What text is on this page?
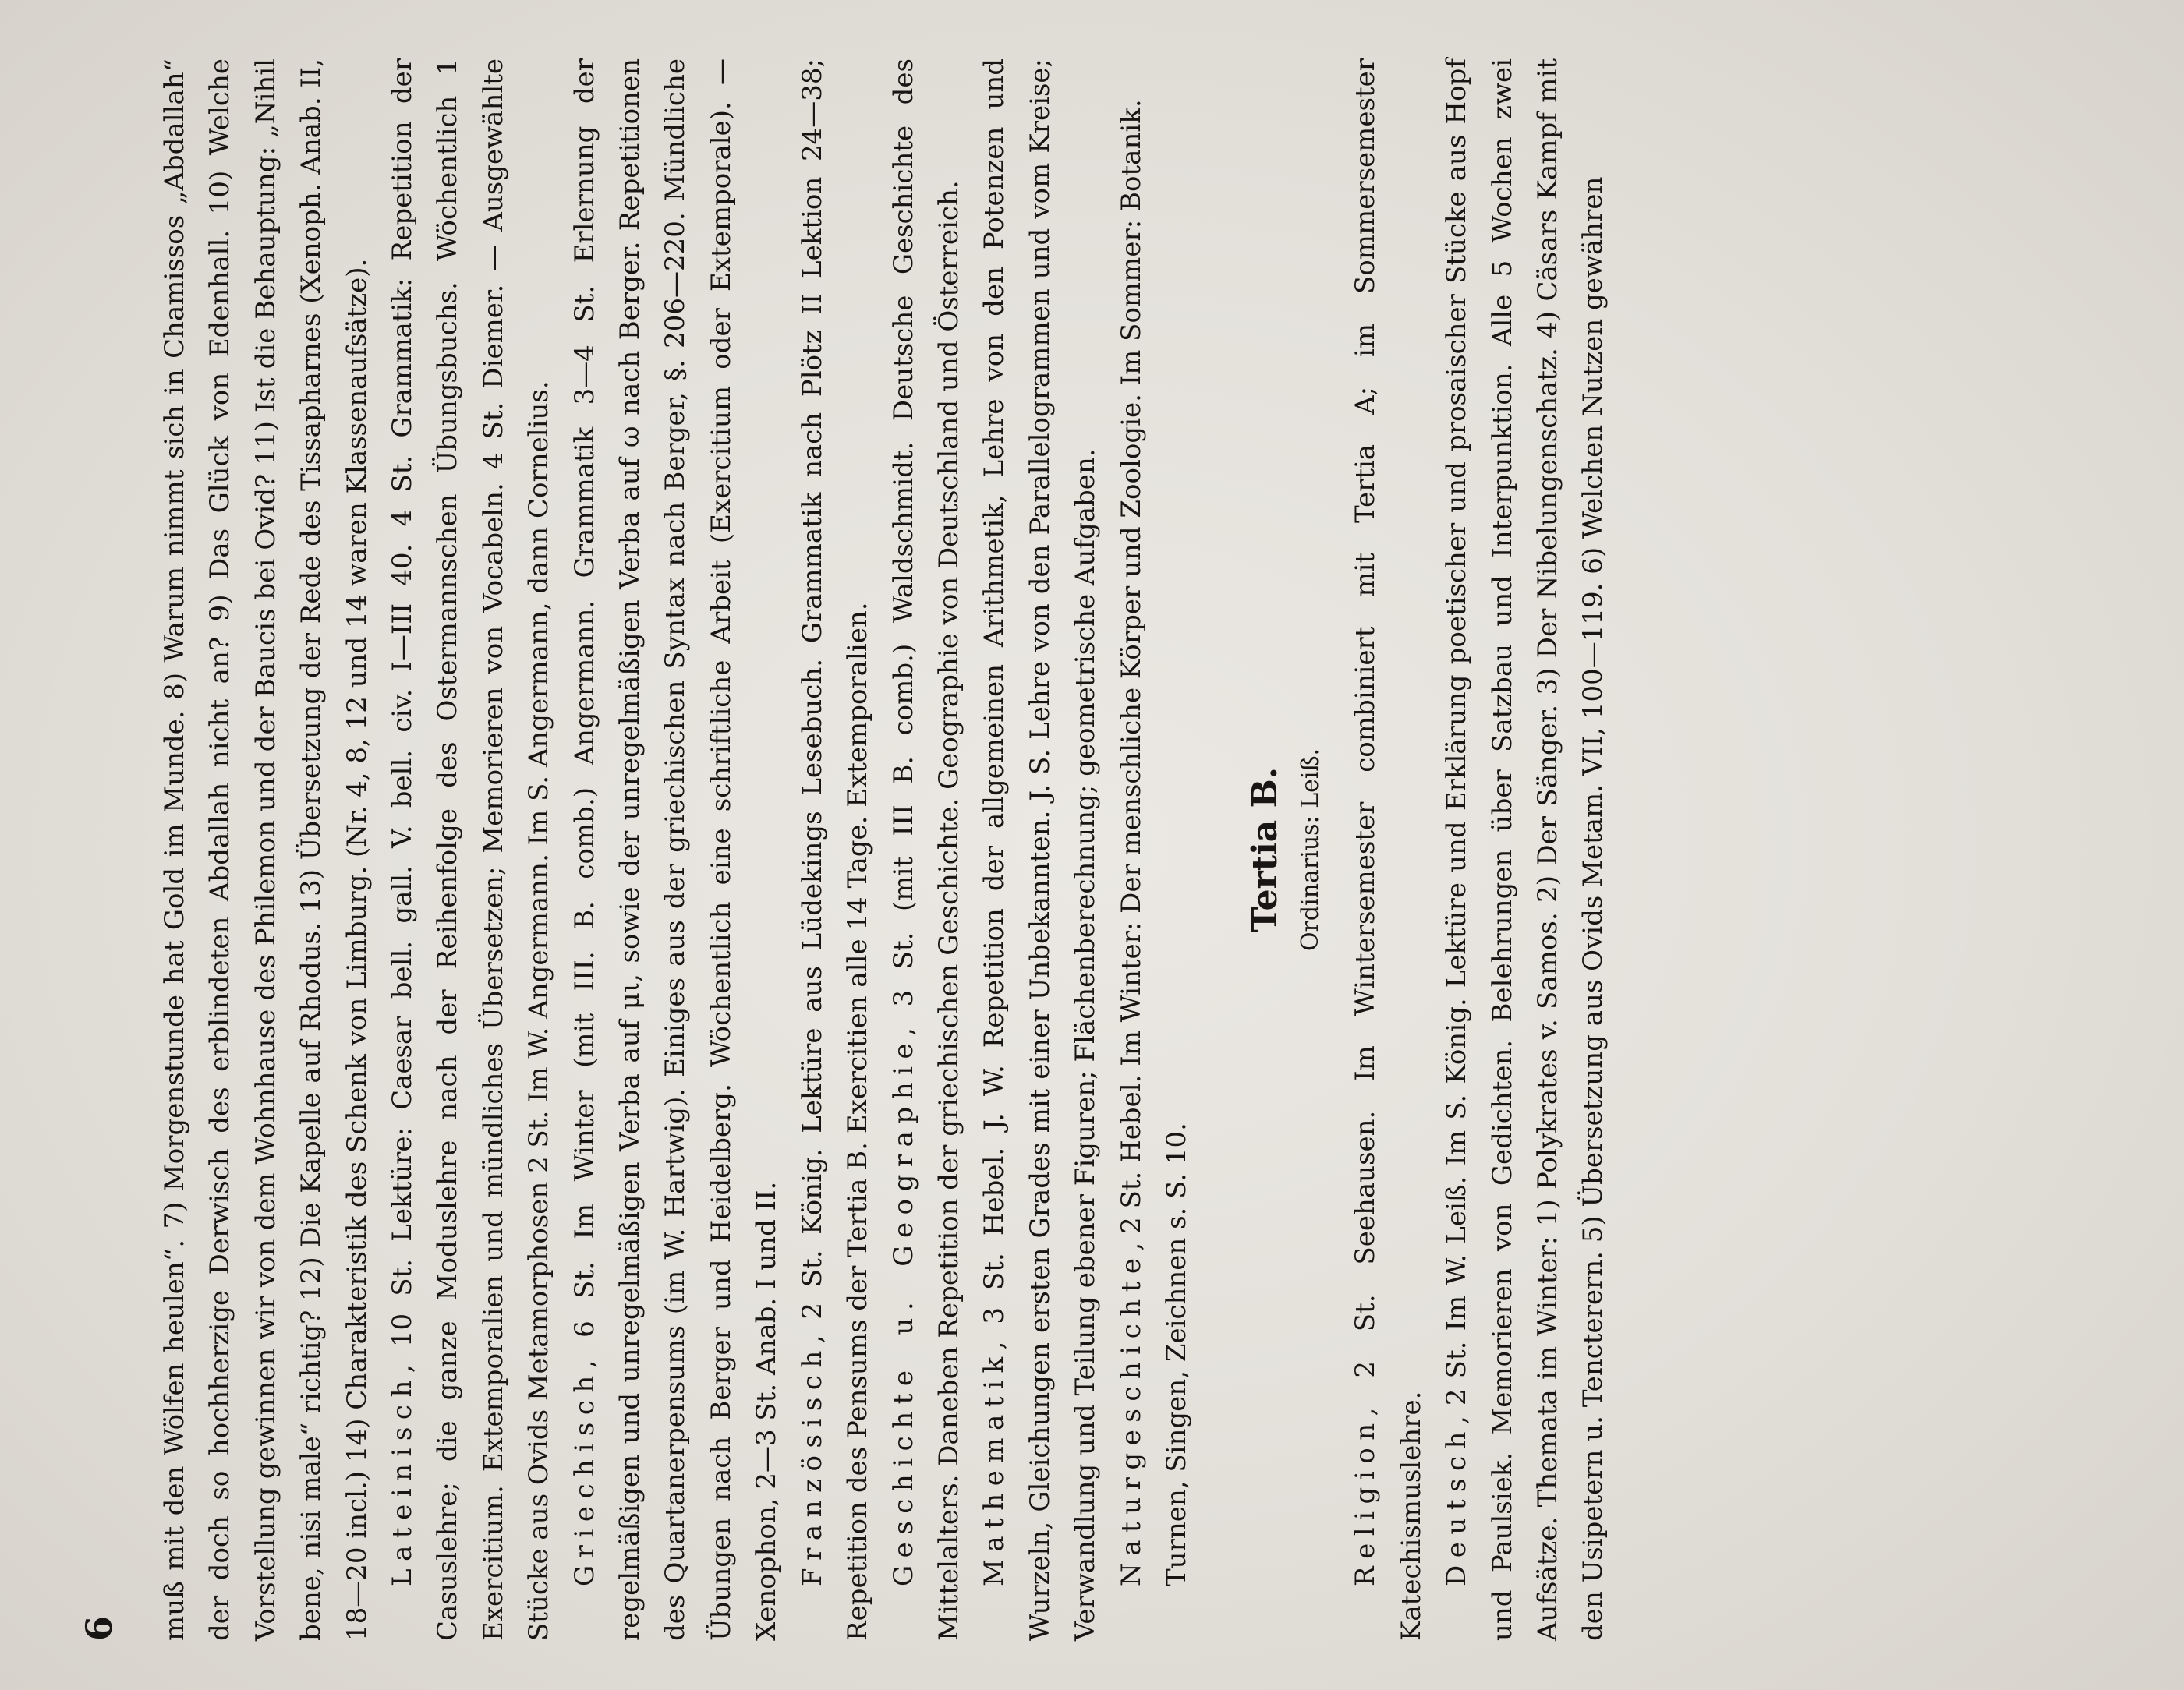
6 muß mit den Wölfen heulen“. 7) Morgenstunde hat Gold im Munde. 8) Warum nimmt sich in Chamissos „Abdallah“ der doch so hochherzige Derwisch des erblindeten Abdallah nicht an? 9) Das Glück von Edenhall. 10) Welche Vorstellung gewinnen wir von dem Wohnhause des Philemon und der Baucis bei Ovid? 11) Ist die Behauptung: „Nihil bene, nisi male“ richtig? 12) Die Kapelle auf Rhodus. 13) Übersetzung der Rede des Tissapharnes (Xenoph. Anab. II, 18—20 incl.) 14) Charakteristik des Schenk von Limburg. (Nr. 4, 8, 12 und 14 waren Klassenaufsätze). Lateinisch, 10 St. Lektüre: Caesar bell. gall. V. bell. civ. I—III 40. 4 St. Grammatik: Repetition der Casuslehre; die ganze Moduslehre nach der Reihenfolge des Ostermannschen Übungsbuchs. Wöchentlich 1 Exercitium. Extemporalien und mündliches Übersetzen; Memorieren von Vocabeln. 4 St. Diemer. — Ausgewählte Stücke aus Ovids Metamorphosen 2 St. Im W. Angermann. Im S. Angermann, dann Cornelius. Griechisch, 6 St. Im Winter (mit III. B. comb.) Angermann. Grammatik 3—4 St. Erlernung der regelmäßigen und unregelmäßigen Verba auf μι, sowie der unregelmäßigen Verba auf ω nach Berger. Repetitionen des Quartanerpensums (im W. Hartwig). Einiges aus der griechischen Syntax nach Berger, §. 206—220. Mündliche Übungen nach Berger und Heidelberg. Wöchentlich eine schriftliche Arbeit (Exercitium oder Extemporale). — Xenophon, 2—3 St. Anab. I und II. Französisch, 2 St. König. Lektüre aus Lüdekings Lesebuch. Grammatik nach Plötz II Lektion 24—38; Repetition des Pensums der Tertia B. Exercitien alle 14 Tage. Extemporalien. Geschichte u. Geographie, 3 St. (mit III B. comb.) Waldschmidt. Deutsche Geschichte des Mittelalters. Daneben Repetition der griechischen Geschichte. Geographie von Deutschland und Österreich. Mathematik, 3 St. Hebel. J. W. Repetition der allgemeinen Arithmetik, Lehre von den Potenzen und Wurzeln, Gleichungen ersten Grades mit einer Unbekannten. J. S. Lehre von den Parallelogrammen und vom Kreise; Verwandlung und Teilung ebener Figuren; Flächenberechnung; geometrische Aufgaben. Naturgeschichte, 2 St. Hebel. Im Winter: Der menschliche Körper und Zoologie. Im Sommer: Botanik.

Turnen, Singen, Zeichnen s. S. 10.

Tertia B. Ordinarius: Leiß.

Religion, 2 St. Seehausen. Im Wintersemester combiniert mit Tertia A; im Sommersemester Katechismuslehre. Deutsch, 2 St. Im W. Leiß. Im S. König. Lektüre und Erklärung poetischer und prosaischer Stücke aus Hopf und Paulsiek. Memorieren von Gedichten. Belehrungen über Satzbau und Interpunktion. Alle 5 Wochen zwei Aufsätze. Themata im Winter: 1) Polykrates v. Samos. 2) Der Sänger. 3) Der Nibelungenschatz. 4) Cäsars Kampf mit den Usipetern u. Tencterern. 5) Übersetzung aus Ovids Metam. VII, 100—119. 6) Welchen Nutzen gewähren
